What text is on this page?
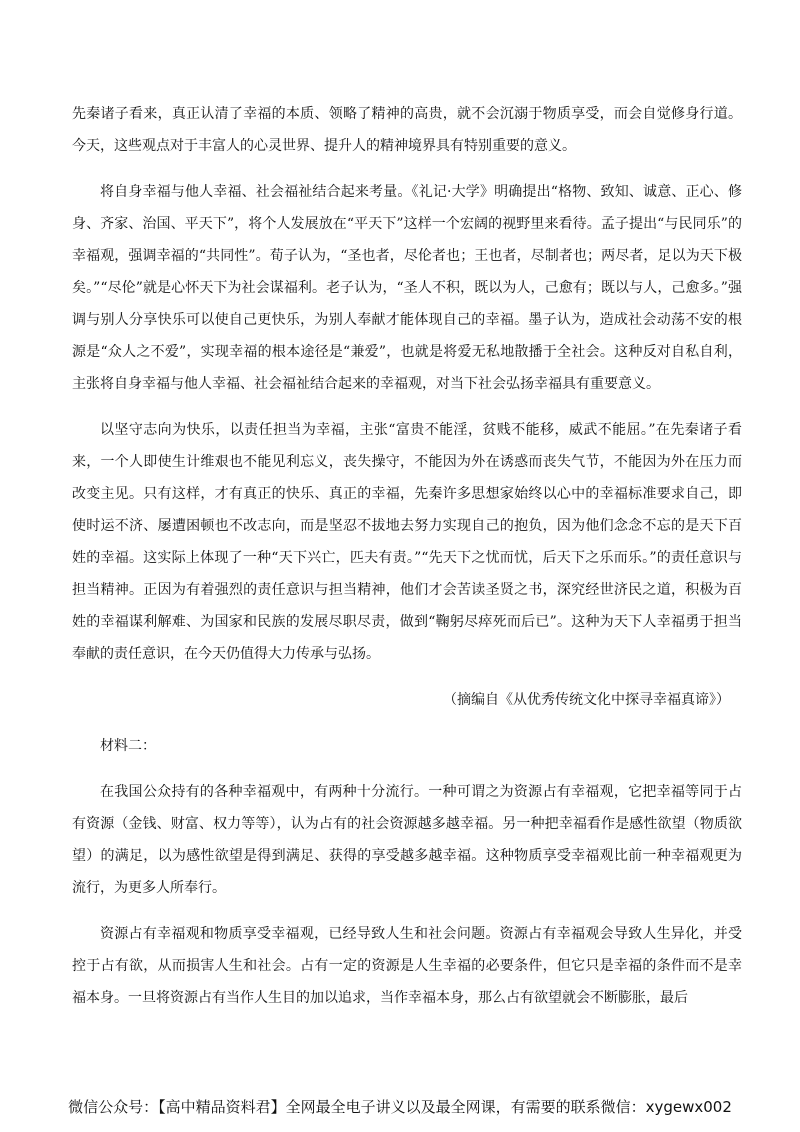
先秦诸子看来，真正认清了幸福的本质、领略了精神的高贵，就不会沉溺于物质享受，而会自觉修身行道。今天，这些观点对于丰富人的心灵世界、提升人的精神境界具有特别重要的意义。

将自身幸福与他人幸福、社会福祉结合起来考量。《礼记·大学》明确提出“格物、致知、诚意、正心、修身、齐家、治国、平天下”，将个人发展放在“平天下”这样一个宏阔的视野里来看待。孟子提出“与民同乐”的幸福观，强调幸福的“共同性”。荀子认为，“圣也者，尽伦者也；王也者，尽制者也；两尽者，足以为天下极矣。”“尽伦”就是心怀天下为社会谋福利。老子认为，“圣人不积，既以为人，己愈有；既以与人，己愈多。”强调与别人分享快乐可以使自己更快乐，为别人奉献才能体现自己的幸福。墨子认为，造成社会动荡不安的根源是“众人之不爱”，实现幸福的根本途径是“兼爱”，也就是将爱无私地散播于全社会。这种反对自私自利，主张将自身幸福与他人幸福、社会福祉结合起来的幸福观，对当下社会弘扬幸福具有重要意义。

以坚守志向为快乐，以责任担当为幸福，主张“富贵不能淫，贫贱不能移，威武不能屈。”在先秦诸子看来，一个人即使生计维艰也不能见利忘义，丧失操守，不能因为外在诱惑而丧失气节，不能因为外在压力而改变主见。只有这样，才有真正的快乐、真正的幸福，先秦许多思想家始终以心中的幸福标准要求自己，即使时运不济、屡遭困顿也不改志向，而是坚忍不拔地去努力实现自己的抱负，因为他们念念不忘的是天下百姓的幸福。这实际上体现了一种“天下兴亡，匹夫有责。”“先天下之忧而忧，后天下之乐而乐。”的责任意识与担当精神。正因为有着强烈的责任意识与担当精神，他们才会苦读圣贤之书，深究经世济民之道，积极为百姓的幸福谋利解难、为国家和民族的发展尽职尽责，做到“鞠躬尽瘁死而后已”。这种为天下人幸福勇于担当奉献的责任意识，在今天仍值得大力传承与弘扬。

（摘编自《从优秀传统文化中探寻幸福真谛》）

材料二：

在我国公众持有的各种幸福观中，有两种十分流行。一种可谓之为资源占有幸福观，它把幸福等同于占有资源（金钱、财富、权力等等），认为占有的社会资源越多越幸福。另一种把幸福看作是感性欲望（物质欲望）的满足，以为感性欲望是得到满足、获得的享受越多越幸福。这种物质享受幸福观比前一种幸福观更为流行，为更多人所奉行。

资源占有幸福观和物质享受幸福观，已经导致人生和社会问题。资源占有幸福观会导致人生异化，并受控于占有欲，从而损害人生和社会。占有一定的资源是人生幸福的必要条件，但它只是幸福的条件而不是幸福本身。一旦将资源占有当作人生目的加以追求，当作幸福本身，那么占有欲望就会不断膨胀，最后

微信公众号：【高中精品资料君】全网最全电子讲义以及最全网课，有需要的联系微信：xygewx002
